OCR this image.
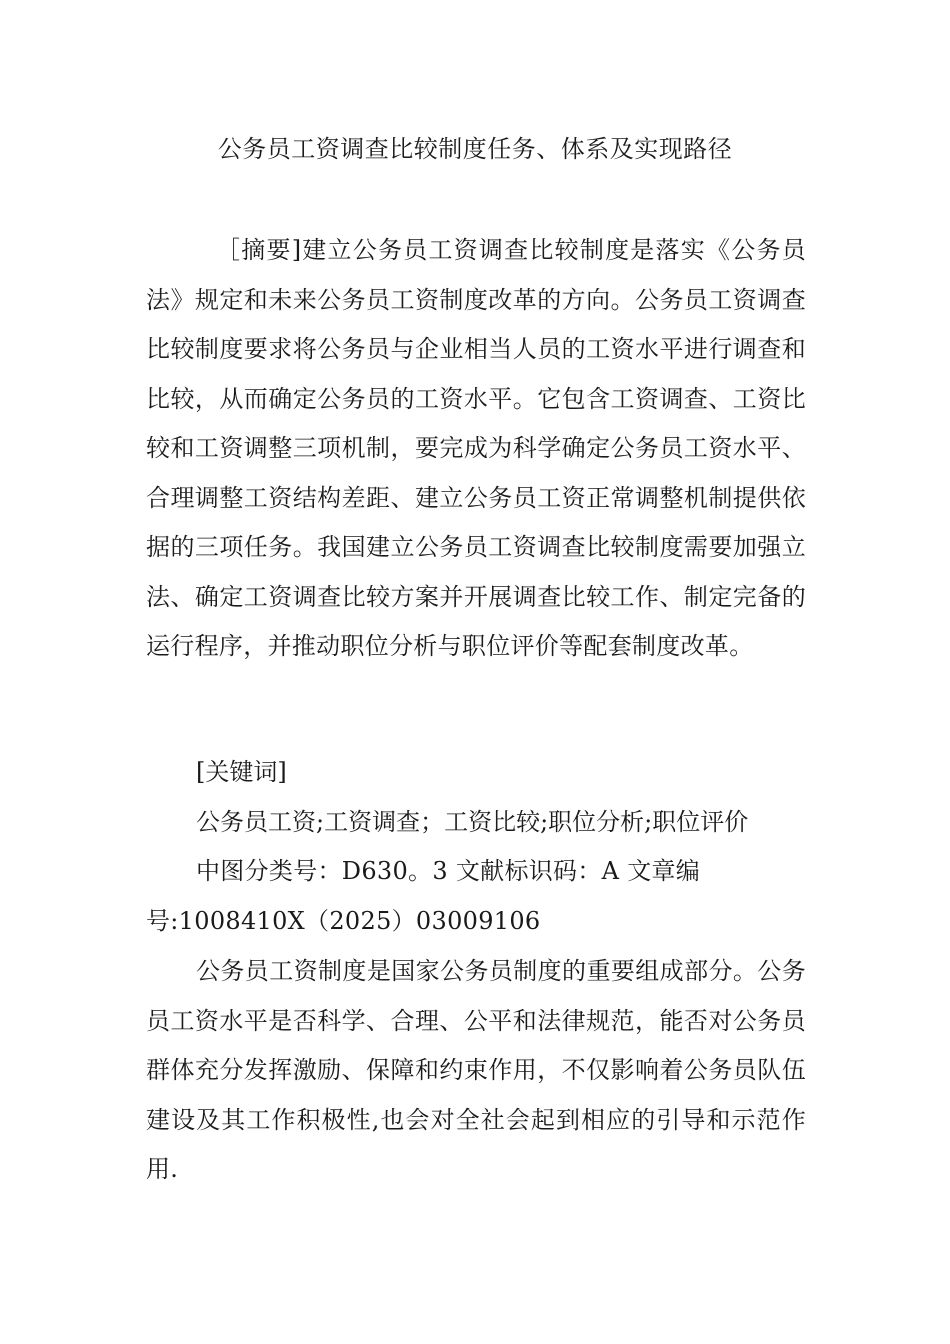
公务员工资调查比较制度任务、体系及实现路径
［摘要]建立公务员工资调查比较制度是落实《公务员法》规定和未来公务员工资制度改革的方向。公务员工资调查比较制度要求将公务员与企业相当人员的工资水平进行调查和比较，从而确定公务员的工资水平。它包含工资调查、工资比较和工资调整三项机制，要完成为科学确定公务员工资水平、合理调整工资结构差距、建立公务员工资正常调整机制提供依据的三项任务。我国建立公务员工资调查比较制度需要加强立法、确定工资调查比较方案并开展调查比较工作、制定完备的运行程序，并推动职位分析与职位评价等配套制度改革。
[关键词]
公务员工资;工资调查；工资比较;职位分析;职位评价
中图分类号：D630。3 文献标识码：A 文章编号:1008410X（2025）03009106
公务员工资制度是国家公务员制度的重要组成部分。公务员工资水平是否科学、合理、公平和法律规范，能否对公务员群体充分发挥激励、保障和约束作用，不仅影响着公务员队伍建设及其工作积极性,也会对全社会起到相应的引导和示范作用.
